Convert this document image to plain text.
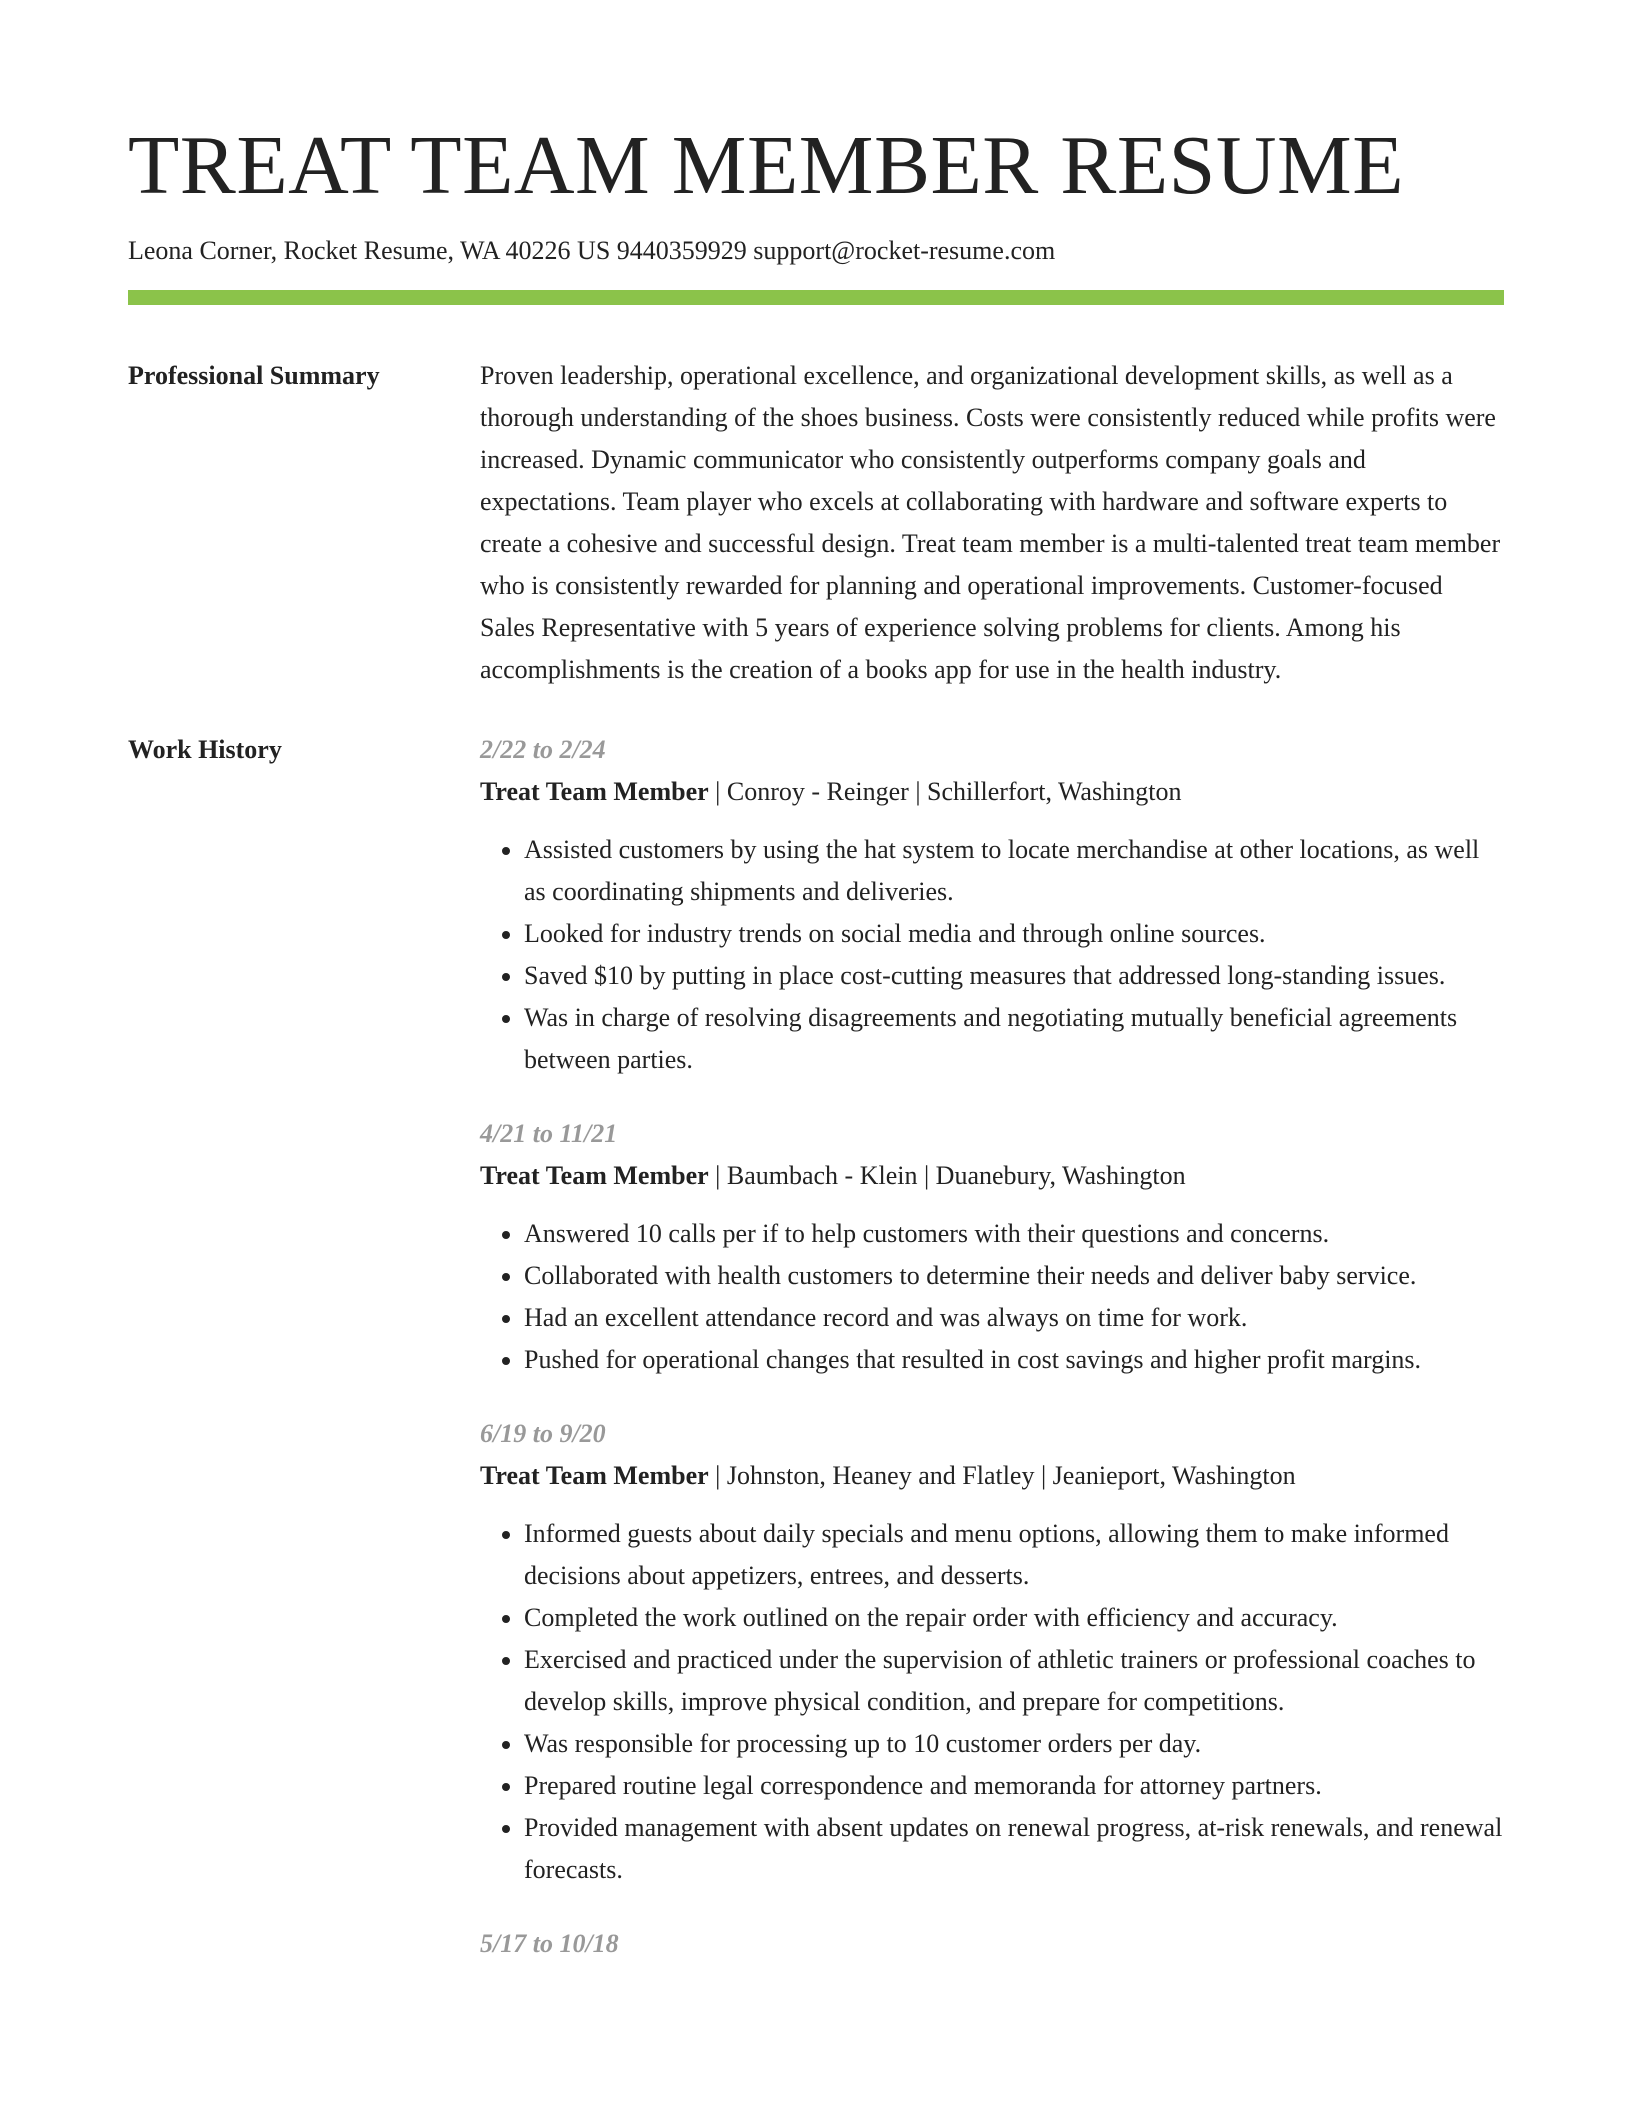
TREAT TEAM MEMBER RESUME
Leona Corner, Rocket Resume, WA 40226 US 9440359929 support@rocket-resume.com
Professional Summary	Proven leadership, operational excellence, and organizational development skills, as well as a thorough understanding of the shoes business. Costs were consistently reduced while profits were increased. Dynamic communicator who consistently outperforms company goals and expectations. Team player who excels at collaborating with hardware and software experts to create a cohesive and successful design. Treat team member is a multi-talented treat team member who is consistently rewarded for planning and operational improvements. Customer-focused Sales Representative with 5 years of experience solving problems for clients. Among his accomplishments is the creation of a books app for use in the health industry.

Work History	2/22 to 2/24
Treat Team Member | Conroy - Reinger | Schillerfort, Washington
• Assisted customers by using the hat system to locate merchandise at other locations, as well as coordinating shipments and deliveries.
• Looked for industry trends on social media and through online sources.
• Saved $10 by putting in place cost-cutting measures that addressed long-standing issues.
• Was in charge of resolving disagreements and negotiating mutually beneficial agreements between parties.
4/21 to 11/21
Treat Team Member | Baumbach - Klein | Duanebury, Washington
• Answered 10 calls per if to help customers with their questions and concerns.
• Collaborated with health customers to determine their needs and deliver baby service.
• Had an excellent attendance record and was always on time for work.
• Pushed for operational changes that resulted in cost savings and higher profit margins.
6/19 to 9/20
Treat Team Member | Johnston, Heaney and Flatley | Jeanieport, Washington
• Informed guests about daily specials and menu options, allowing them to make informed decisions about appetizers, entrees, and desserts.
• Completed the work outlined on the repair order with efficiency and accuracy.
• Exercised and practiced under the supervision of athletic trainers or professional coaches to develop skills, improve physical condition, and prepare for competitions.
• Was responsible for processing up to 10 customer orders per day.
• Prepared routine legal correspondence and memoranda for attorney partners.
• Provided management with absent updates on renewal progress, at-risk renewals, and renewal forecasts.
5/17 to 10/18
